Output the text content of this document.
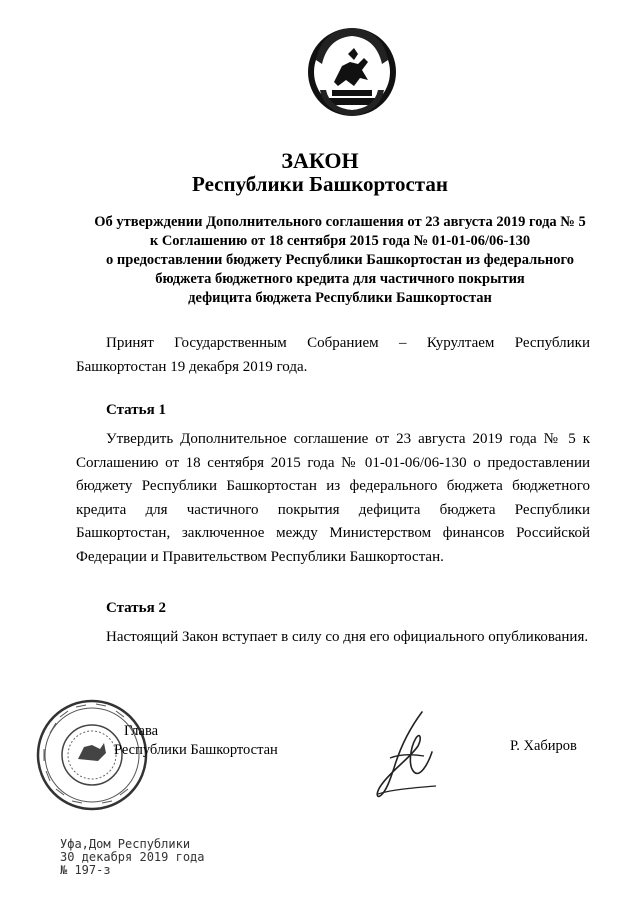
ЗАКОН
Республики Башкортостан
Об утверждении Дополнительного соглашения от 23 августа 2019 года № 5
к Соглашению от 18 сентября 2015 года № 01-01-06/06-130
о предоставлении бюджету Республики Башкортостан из федерального
бюджета бюджетного кредита для частичного покрытия
дефицита бюджета Республики Башкортостан

Принят Государственным Собранием – Курултаем Республики Башкортостан 19 декабря 2019 года.

Статья 1

Утвердить Дополнительное соглашение от 23 августа 2019 года № 5 к Соглашению от 18 сентября 2015 года № 01-01-06/06-130 о предоставлении бюджету Республики Башкортостан из федерального бюджета бюджетного кредита для частичного покрытия дефицита бюджета Республики Башкортостан, заключенное между Министерством финансов Российской Федерации и Правительством Республики Башкортостан.

Статья 2

Настоящий Закон вступает в силу со дня его официального опубликования.

Глава
Республики Башкортостан	Р. Хабиров
Уфа,Дом Республики
30 декабря 2019 года
№ 197-з
